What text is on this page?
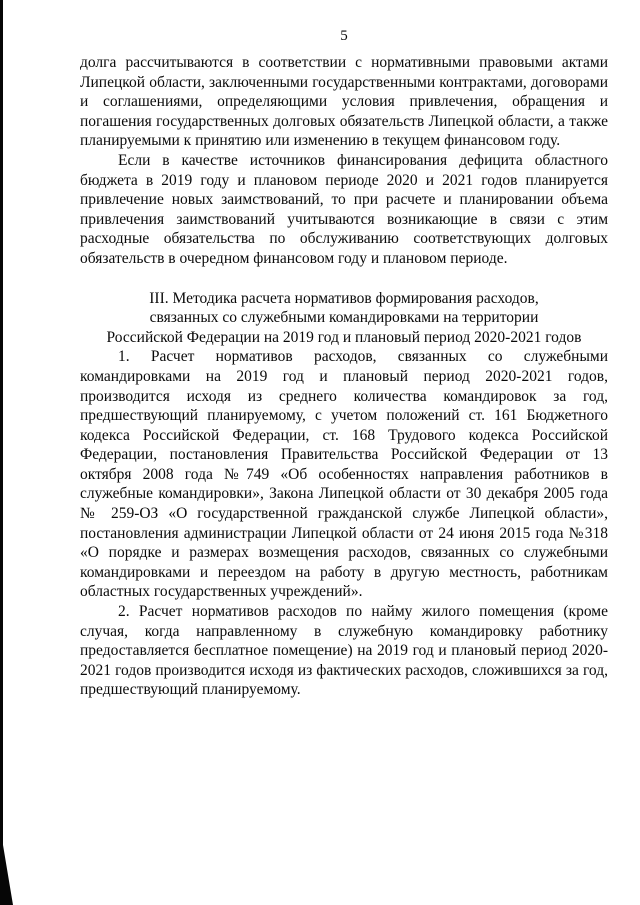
5

долга рассчитываются в соответствии с нормативными правовыми актами Липецкой области, заключенными государственными контрактами, договорами и соглашениями, определяющими условия привлечения, обращения и погашения государственных долговых обязательств Липецкой области, а также планируемыми к принятию или изменению в текущем финансовом году.

Если в качестве источников финансирования дефицита областного бюджета в 2019 году и плановом периоде 2020 и 2021 годов планируется привлечение новых заимствований, то при расчете и планировании объема привлечения заимствований учитываются возникающие в связи с этим расходные обязательства по обслуживанию соответствующих долговых обязательств в очередном финансовом году и плановом периоде.

III. Методика расчета нормативов формирования расходов,
связанных со служебными командировками на территории
Российской Федерации на 2019 год и плановый период 2020-2021 годов

1. Расчет нормативов расходов, связанных со служебными командировками на 2019 год и плановый период 2020-2021 годов, производится исходя из среднего количества командировок за год, предшествующий планируемому, с учетом положений ст. 161 Бюджетного кодекса Российской Федерации, ст. 168 Трудового кодекса Российской Федерации, постановления Правительства Российской Федерации от 13 октября 2008 года №749 «Об особенностях направления работников в служебные командировки», Закона Липецкой области от 30 декабря 2005 года № 259-ОЗ «О государственной гражданской службе Липецкой области», постановления администрации Липецкой области от 24 июня 2015 года №318 «О порядке и размерах возмещения расходов, связанных со служебными командировками и переездом на работу в другую местность, работникам областных государственных учреждений».

2. Расчет нормативов расходов по найму жилого помещения (кроме случая, когда направленному в служебную командировку работнику предоставляется бесплатное помещение) на 2019 год и плановый период 2020-2021 годов производится исходя из фактических расходов, сложившихся за год, предшествующий планируемому.
